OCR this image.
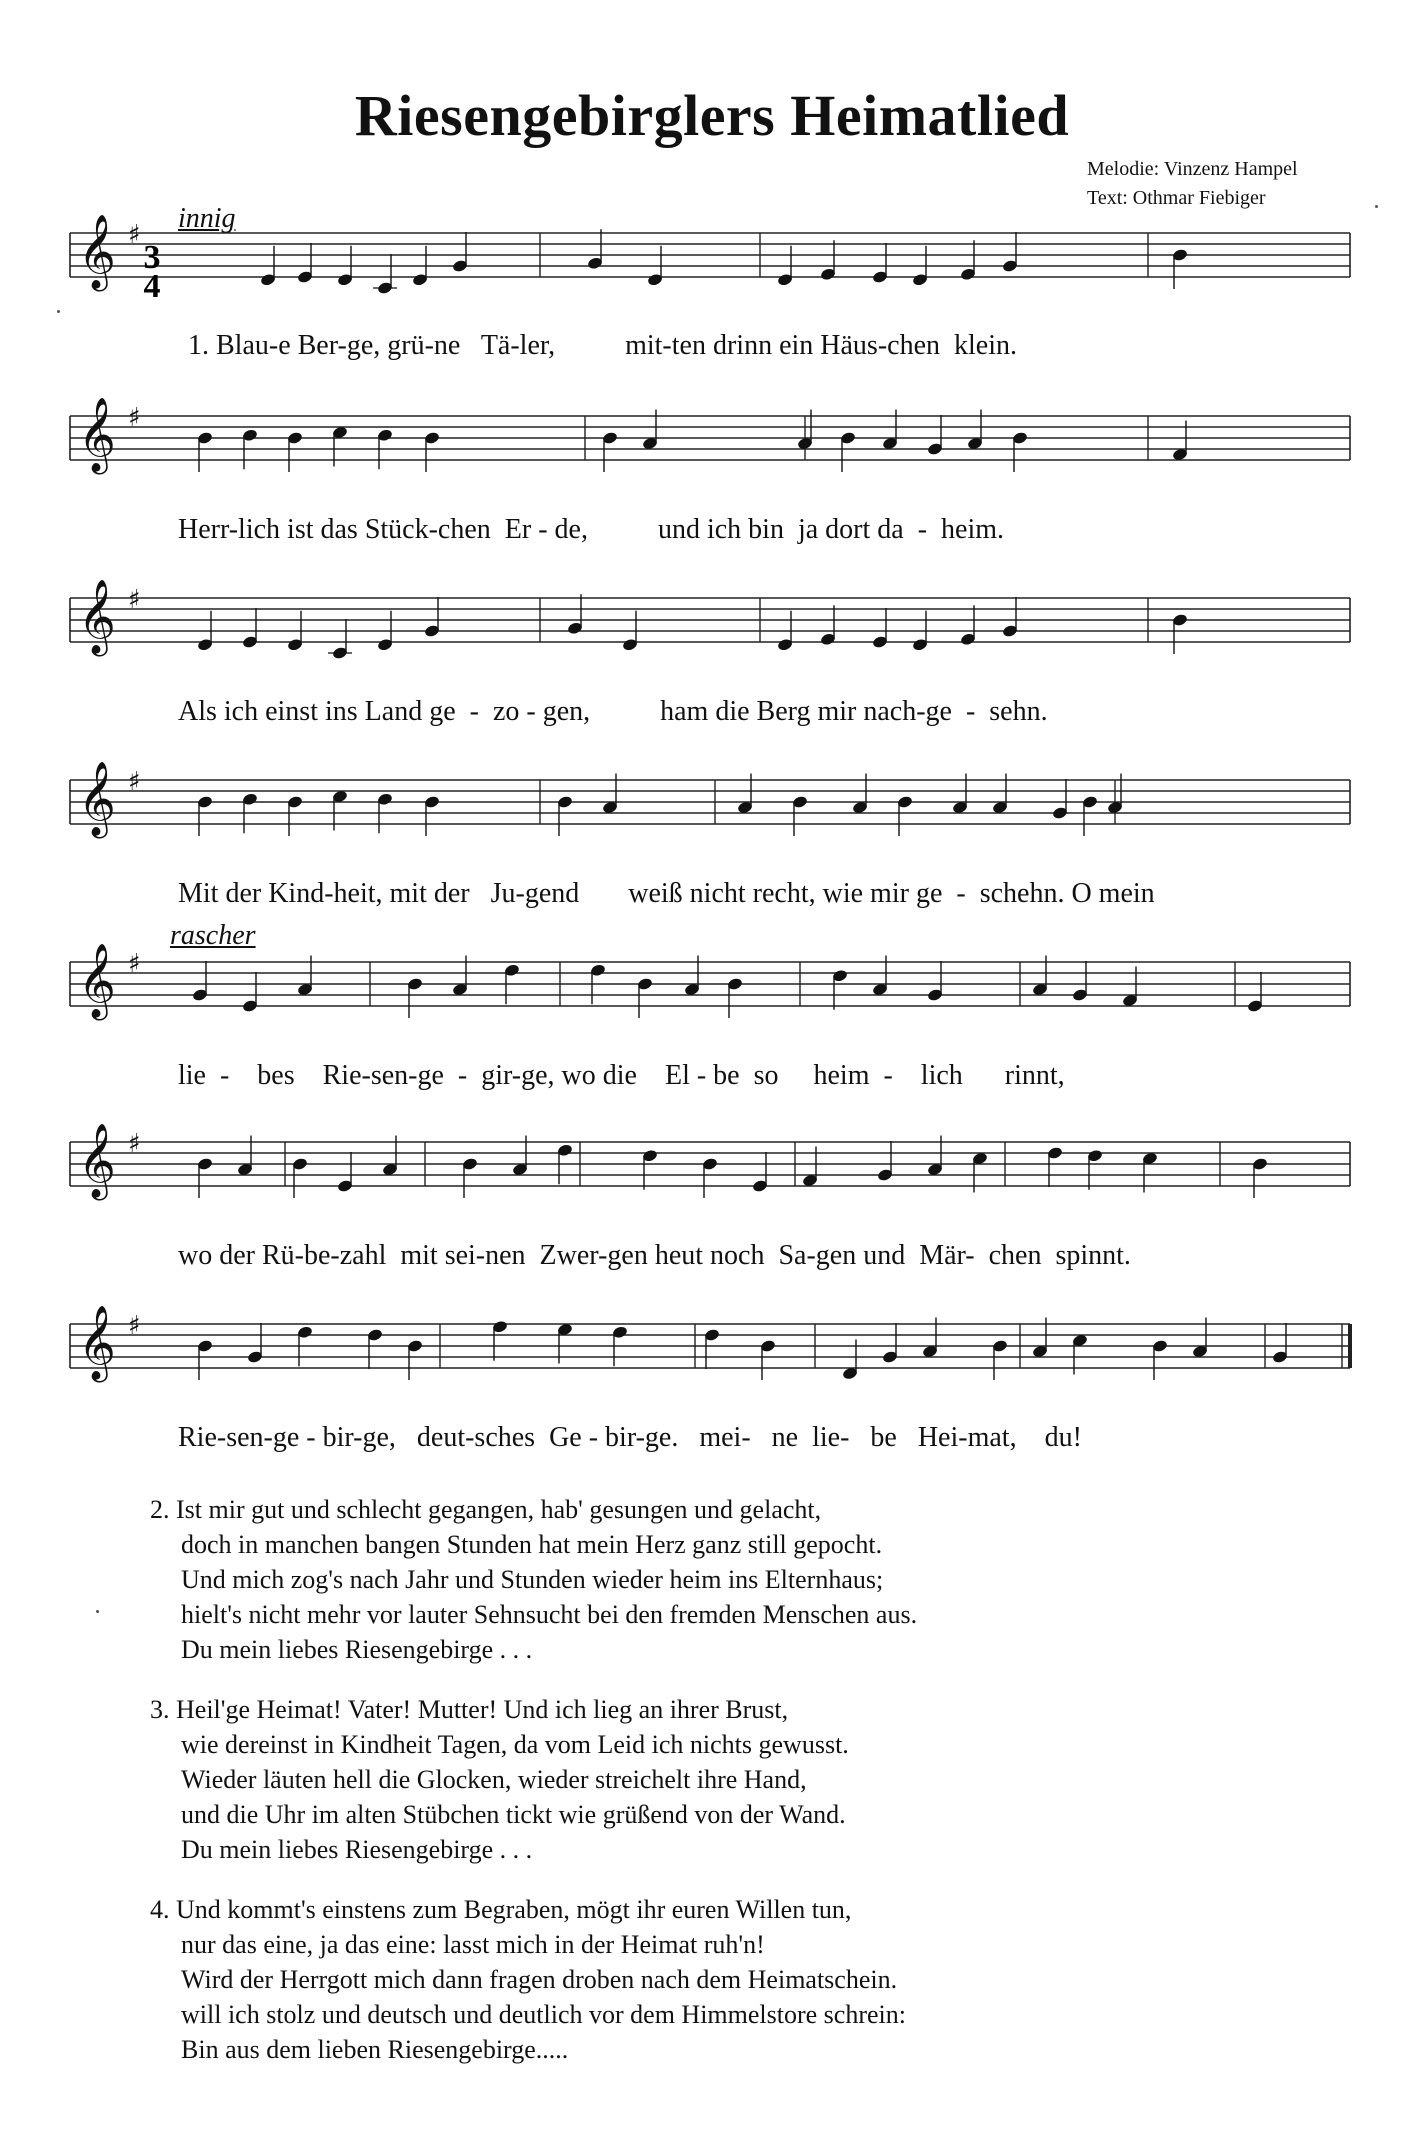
Riesengebirglers Heimatlied
Melodie: Vinzenz Hampel
Text: Othmar Fiebiger
innig
rascher
𝄞 ♯
𝄞 ♯
𝄞 ♯
𝄞 ♯
𝄞 ♯
𝄞 ♯
𝄞 ♯
3
4
1. Blau-e Ber-ge, grü-ne   Tä-ler,          mit-ten drinn ein Häus-chen  klein.
Herr-lich ist das Stück-chen  Er - de,          und ich bin  ja dort da  -  heim.
Als ich einst ins Land ge  -  zo - gen,          ham die Berg mir nach-ge  -  sehn.
Mit der Kind-heit, mit der   Ju-gend       weiß nicht recht, wie mir ge  -  schehn. O mein
lie  -    bes    Rie-sen-ge  -  gir-ge, wo die    El - be  so     heim  -    lich      rinnt,
wo der Rü-be-zahl  mit sei-nen  Zwer-gen heut noch  Sa-gen und  Mär-  chen  spinnt.
Rie-sen-ge - bir-ge,   deut-sches  Ge - bir-ge.   mei-   ne  lie-   be   Hei-mat,    du!
2. Ist mir gut und schlecht gegangen, hab' gesungen und gelacht,
doch in manchen bangen Stunden hat mein Herz ganz still gepocht.
Und mich zog's nach Jahr und Stunden wieder heim ins Elternhaus;
hielt's nicht mehr vor lauter Sehnsucht bei den fremden Menschen aus.
Du mein liebes Riesengebirge . . .
3. Heil'ge Heimat! Vater! Mutter! Und ich lieg an ihrer Brust,
wie dereinst in Kindheit Tagen, da vom Leid ich nichts gewusst.
Wieder läuten hell die Glocken, wieder streichelt ihre Hand,
und die Uhr im alten Stübchen tickt wie grüßend von der Wand.
Du mein liebes Riesengebirge . . .
4. Und kommt's einstens zum Begraben, mögt ihr euren Willen tun,
nur das eine, ja das eine: lasst mich in der Heimat ruh'n!
Wird der Herrgott mich dann fragen droben nach dem Heimatschein.
will ich stolz und deutsch und deutlich vor dem Himmelstore schrein:
Bin aus dem lieben Riesengebirge.....
